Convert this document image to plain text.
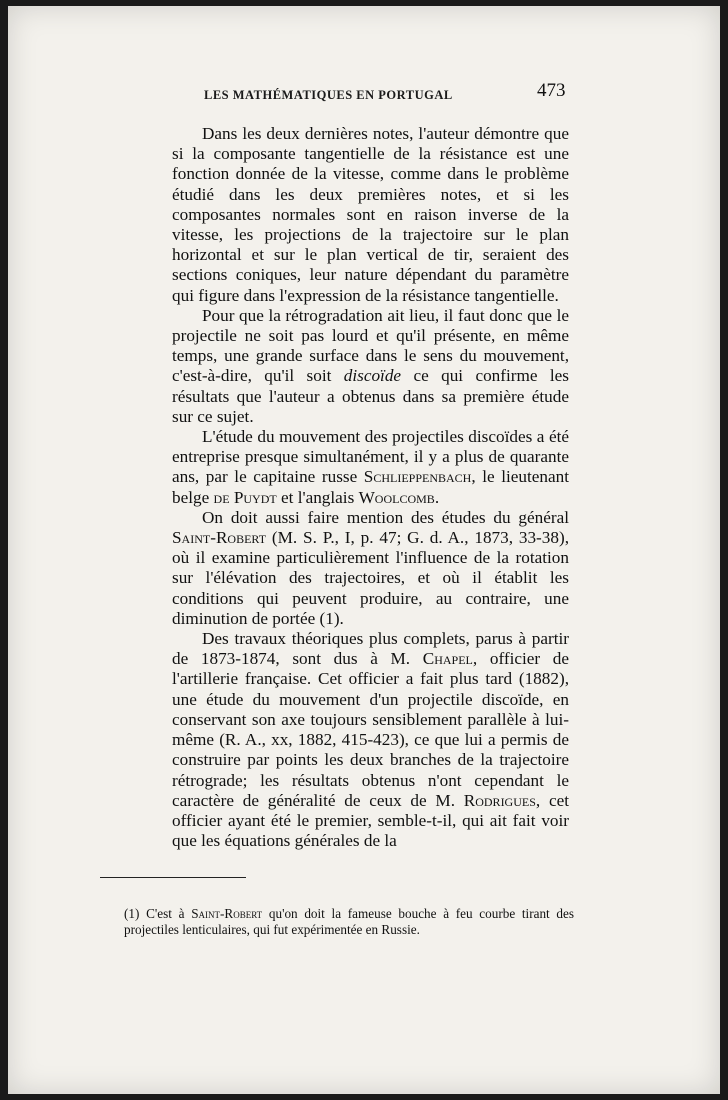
LES MATHÉMATIQUES EN PORTUGAL	473

Dans les deux dernières notes, l'auteur démontre que si la composante tangentielle de la résistance est une fonction donnée de la vitesse, comme dans le problème étudié dans les deux premières notes, et si les composantes normales sont en raison inverse de la vitesse, les projections de la trajectoire sur le plan horizontal et sur le plan vertical de tir, seraient des sections coniques, leur nature dépendant du paramètre qui figure dans l'expression de la résistance tangentielle.

Pour que la rétrogradation ait lieu, il faut donc que le projectile ne soit pas lourd et qu'il présente, en même temps, une grande surface dans le sens du mouvement, c'est-à-dire, qu'il soit discoïde ce qui confirme les résultats que l'auteur a obtenus dans sa première étude sur ce sujet.

L'étude du mouvement des projectiles discoïdes a été entreprise presque simultanément, il y a plus de quarante ans, par le capitaine russe Schlieppenbach, le lieutenant belge de Puydt et l'anglais Woolcomb.

On doit aussi faire mention des études du général Saint-Robert (M. S. P., I, p. 47; G. d. A., 1873, 33-38), où il examine particulièrement l'influence de la rotation sur l'élévation des trajectoires, et où il établit les conditions qui peuvent produire, au contraire, une diminution de portée (1).

Des travaux théoriques plus complets, parus à partir de 1873-1874, sont dus à M. Chapel, officier de l'artillerie française. Cet officier a fait plus tard (1882), une étude du mouvement d'un projectile discoïde, en conservant son axe toujours sensiblement parallèle à lui-même (R. A., xx, 1882, 415-423), ce que lui a permis de construire par points les deux branches de la trajectoire rétrograde; les résultats obtenus n'ont cependant le caractère de généralité de ceux de M. Rodrigues, cet officier ayant été le premier, semble-t-il, qui ait fait voir que les équations générales de la

(1) C'est à Saint-Robert qu'on doit la fameuse bouche à feu courbe tirant des projectiles lenticulaires, qui fut expérimentée en Russie.
